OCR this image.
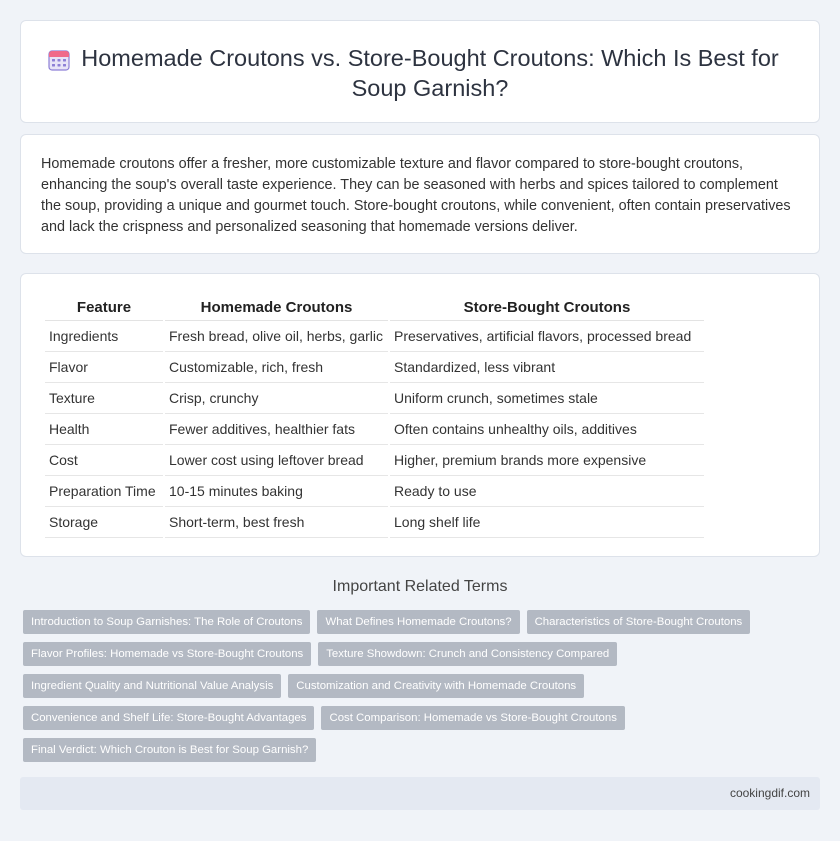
Homemade Croutons vs. Store-Bought Croutons: Which Is Best for Soup Garnish?

Homemade croutons offer a fresher, more customizable texture and flavor compared to store-bought croutons, enhancing the soup's overall taste experience. They can be seasoned with herbs and spices tailored to complement the soup, providing a unique and gourmet touch. Store-bought croutons, while convenient, often contain preservatives and lack the crispness and personalized seasoning that homemade versions deliver.

Feature	Homemade Croutons	Store-Bought Croutons
Ingredients	Fresh bread, olive oil, herbs, garlic	Preservatives, artificial flavors, processed bread
Flavor	Customizable, rich, fresh	Standardized, less vibrant
Texture	Crisp, crunchy	Uniform crunch, sometimes stale
Health	Fewer additives, healthier fats	Often contains unhealthy oils, additives
Cost	Lower cost using leftover bread	Higher, premium brands more expensive
Preparation Time	10-15 minutes baking	Ready to use
Storage	Short-term, best fresh	Long shelf life
Important Related Terms
Introduction to Soup Garnishes: The Role of Croutons	What Defines Homemade Croutons?	Characteristics of Store-Bought Croutons
Flavor Profiles: Homemade vs Store-Bought Croutons	Texture Showdown: Crunch and Consistency Compared
Ingredient Quality and Nutritional Value Analysis	Customization and Creativity with Homemade Croutons
Convenience and Shelf Life: Store-Bought Advantages	Cost Comparison: Homemade vs Store-Bought Croutons
Final Verdict: Which Crouton is Best for Soup Garnish?
cookingdif.com
